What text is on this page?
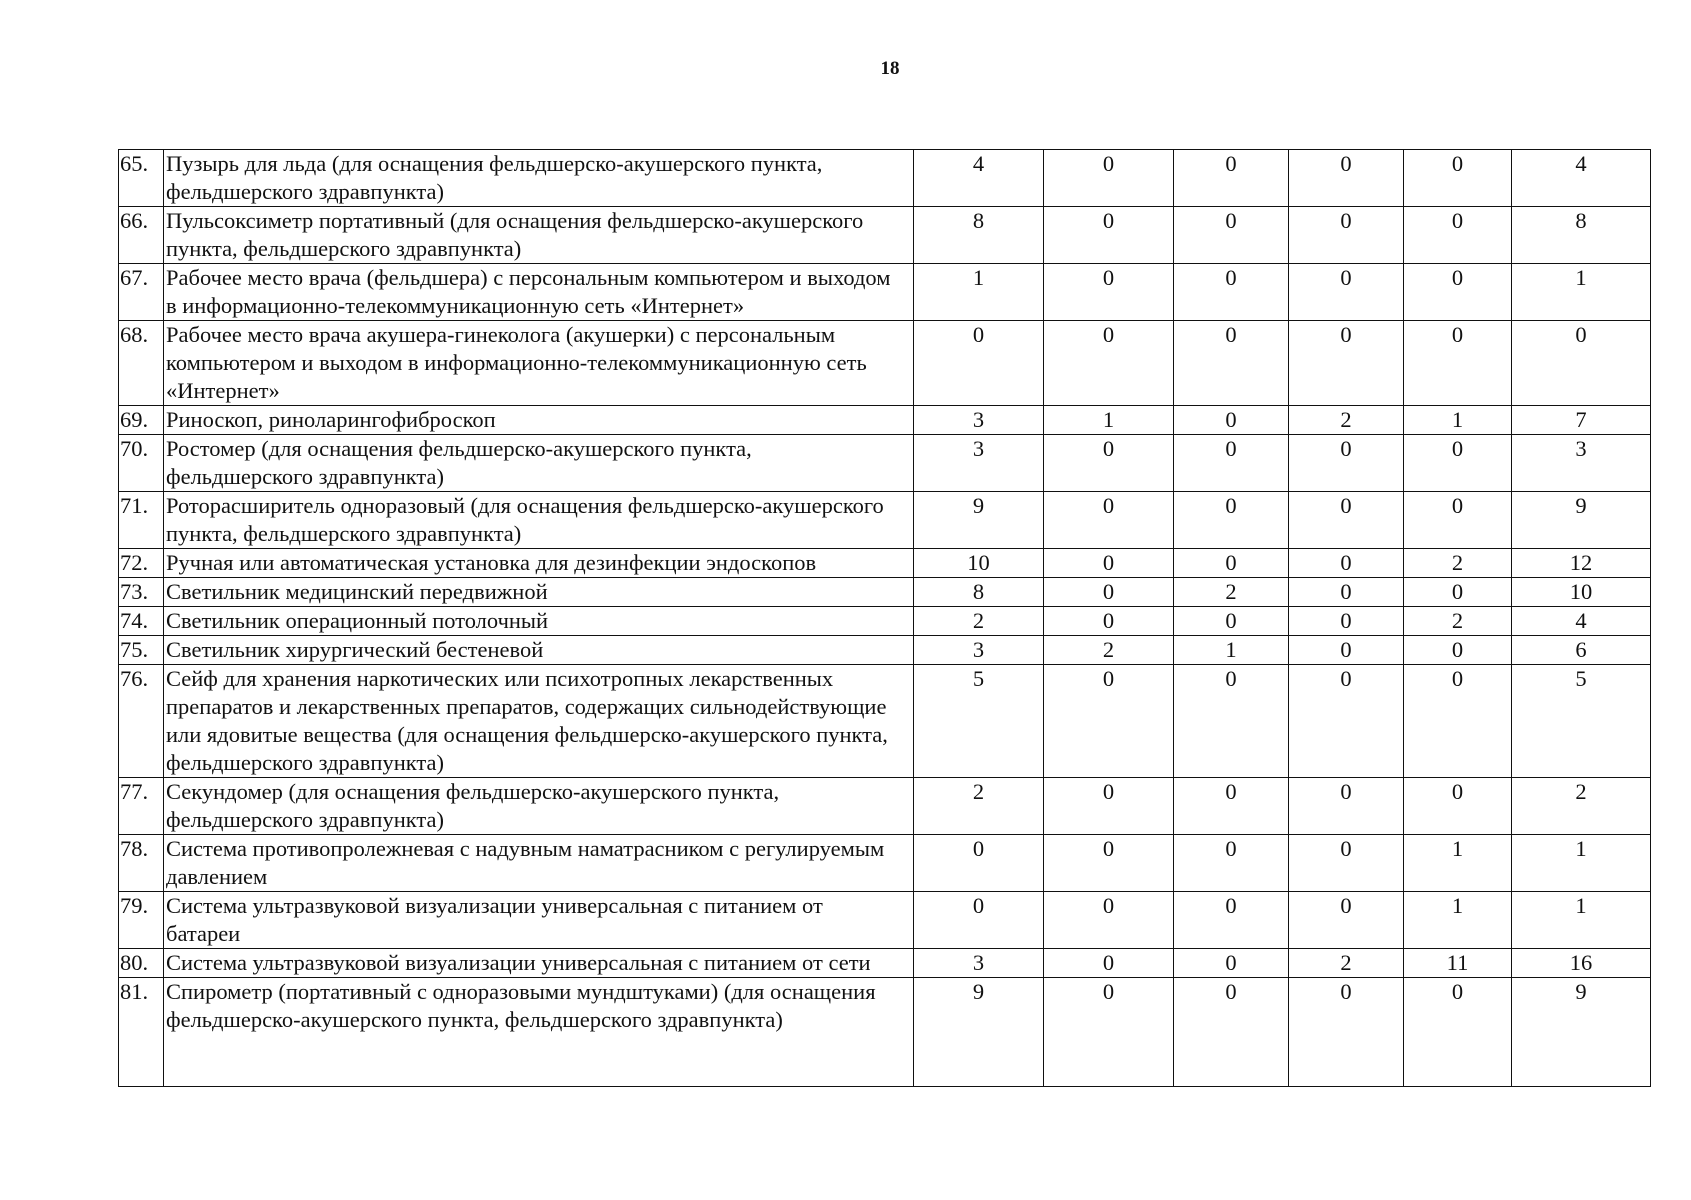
18
65.	Пузырь для льда (для оснащения фельдшерско-акушерского пункта, фельдшерского здравпункта)	4	0	0	0	0	4
66.	Пульсоксиметр портативный (для оснащения фельдшерско-акушерского пункта, фельдшерского здравпункта)	8	0	0	0	0	8
67.	Рабочее место врача (фельдшера) с персональным компьютером и выходом в информационно-телекоммуникационную сеть «Интернет»	1	0	0	0	0	1
68.	Рабочее место врача акушера-гинеколога (акушерки) с персональным компьютером и выходом в информационно-телекоммуникационную сеть «Интернет»	0	0	0	0	0	0
69.	Риноскоп, риноларингофиброскоп	3	1	0	2	1	7
70.	Ростомер (для оснащения фельдшерско-акушерского пункта, фельдшерского здравпункта)	3	0	0	0	0	3
71.	Роторасширитель одноразовый (для оснащения фельдшерско-акушерского пункта, фельдшерского здравпункта)	9	0	0	0	0	9
72.	Ручная или автоматическая установка для дезинфекции эндоскопов	10	0	0	0	2	12
73.	Светильник медицинский передвижной	8	0	2	0	0	10
74.	Светильник операционный потолочный	2	0	0	0	2	4
75.	Светильник хирургический бестеневой	3	2	1	0	0	6
76.	Сейф для хранения наркотических или психотропных лекарственных препаратов и лекарственных препаратов, содержащих сильнодействующие или ядовитые вещества (для оснащения фельдшерско-акушерского пункта, фельдшерского здравпункта)	5	0	0	0	0	5
77.	Секундомер (для оснащения фельдшерско-акушерского пункта, фельдшерского здравпункта)	2	0	0	0	0	2
78.	Система противопролежневая с надувным наматрасником с регулируемым давлением	0	0	0	0	1	1
79.	Система ультразвуковой визуализации универсальная с питанием от батареи	0	0	0	0	1	1
80.	Система ультразвуковой визуализации универсальная с питанием от сети	3	0	0	2	11	16
81.	Спирометр (портативный с одноразовыми мундштуками) (для оснащения фельдшерско-акушерского пункта, фельдшерского здравпункта)	9	0	0	0	0	9
